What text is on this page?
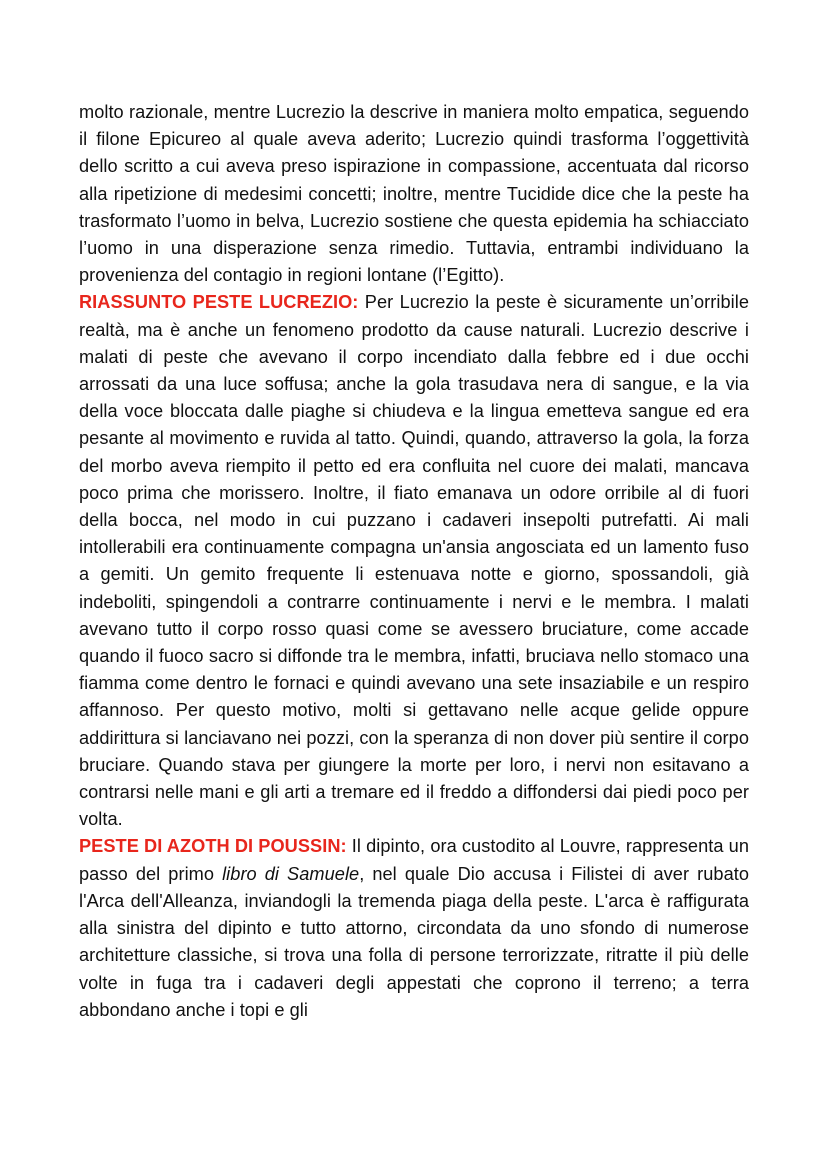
molto razionale, mentre Lucrezio la descrive in maniera molto empatica, seguendo il filone Epicureo al quale aveva aderito; Lucrezio quindi trasforma l’oggettività dello scritto a cui aveva preso ispirazione in compassione, accentuata dal ricorso alla ripetizione di medesimi concetti; inoltre, mentre Tucidide dice che la peste ha trasformato l’uomo in belva, Lucrezio sostiene che questa epidemia ha schiacciato l’uomo in una disperazione senza rimedio. Tuttavia, entrambi individuano la provenienza del contagio in regioni lontane (l’Egitto).

RIASSUNTO PESTE LUCREZIO: Per Lucrezio la peste è sicuramente un’orribile realtà, ma è anche un fenomeno prodotto da cause naturali. Lucrezio descrive i malati di peste che avevano il corpo incendiato dalla febbre ed i due occhi arrossati da una luce soffusa; anche la gola trasudava nera di sangue, e la via della voce bloccata dalle piaghe si chiudeva e la lingua emetteva sangue ed era pesante al movimento e ruvida al tatto. Quindi, quando, attraverso la gola, la forza del morbo aveva riempito il petto ed era confluita nel cuore dei malati, mancava poco prima che morissero. Inoltre, il fiato emanava un odore orribile al di fuori della bocca, nel modo in cui puzzano i cadaveri insepolti putrefatti. Ai mali intollerabili era continuamente compagna un'ansia angosciata ed un lamento fuso a gemiti. Un gemito frequente li estenuava notte e giorno, spossandoli, già indeboliti, spingendoli a contrarre continuamente i nervi e le membra. I malati avevano tutto il corpo rosso quasi come se avessero bruciature, come accade quando il fuoco sacro si diffonde tra le membra, infatti, bruciava nello stomaco una fiamma come dentro le fornaci e quindi avevano una sete insaziabile e un respiro affannoso. Per questo motivo, molti si gettavano nelle acque gelide oppure addirittura si lanciavano nei pozzi, con la speranza di non dover più sentire il corpo bruciare. Quando stava per giungere la morte per loro, i nervi non esitavano a contrarsi nelle mani e gli arti a tremare ed il freddo a diffondersi dai piedi poco per volta.

PESTE DI AZOTH DI POUSSIN: Il dipinto, ora custodito al Louvre, rappresenta un passo del primo libro di Samuele, nel quale Dio accusa i Filistei di aver rubato l'Arca dell'Alleanza, inviandogli la tremenda piaga della peste. L'arca è raffigurata alla sinistra del dipinto e tutto attorno, circondata da uno sfondo di numerose architetture classiche, si trova una folla di persone terrorizzate, ritratte il più delle volte in fuga tra i cadaveri degli appestati che coprono il terreno; a terra abbondano anche i topi e gli
